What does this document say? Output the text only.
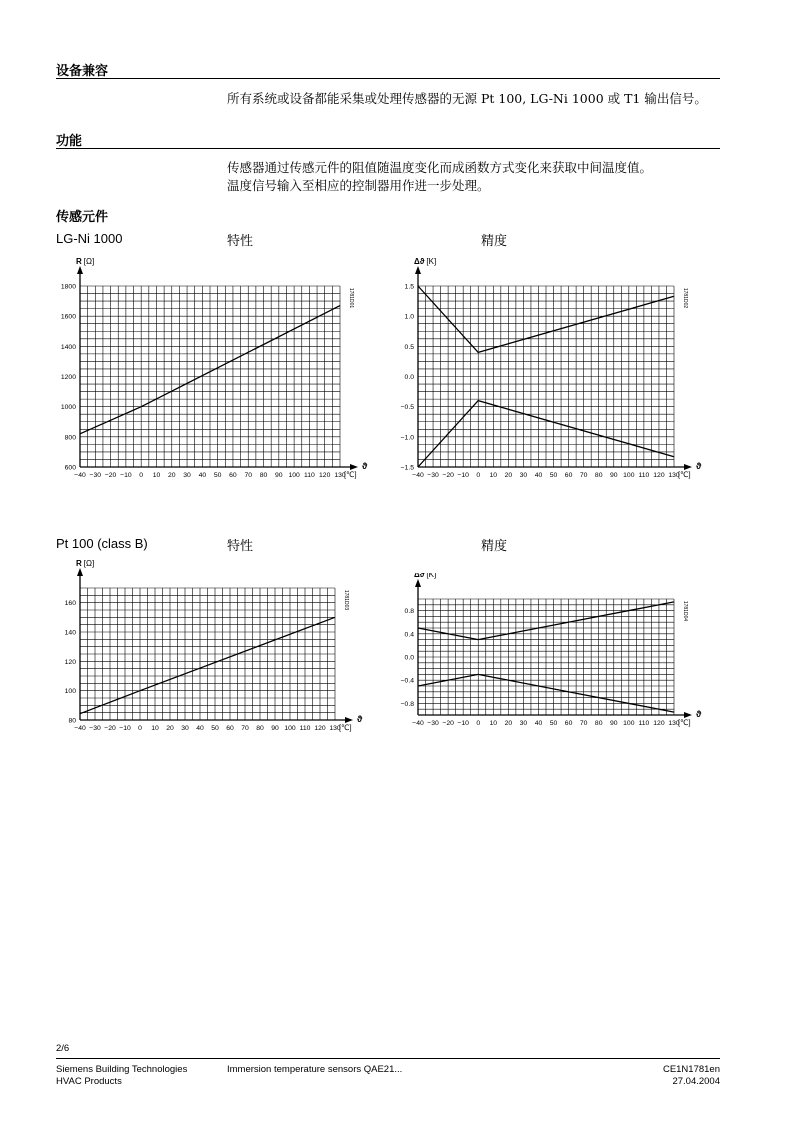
设备兼容
所有系统或设备都能采集或处理传感器的无源 Pt 100, LG-Ni 1000 或 T1 输出信号。
功能
传感器通过传感元件的阻值随温度变化而成函数方式变化来获取中间温度值。
温度信号输入至相应的控制器用作进一步处理。
传感元件
LG-Ni 1000	特性	精度
−40 −30 −20 −10 0 10 20 30 40 50 60 70 80 90 100 110 120 130
600
800
1000
1200
1400
1600
1800
R [Ω]
ϑ
[℃]
1781D01
−40 −30 −20 −10 0 10 20 30 40 50 60 70 80 90 100 110 120 130
−1.5
−1.0
−0.5
0.0
0.5
1.0
1.5
Δϑ [K]
ϑ
[℃]
1781D02
Pt 100 (class B)	特性	精度
−40 −30 −20 −10 0 10 20 30 40 50 60 70 80 90 100 110 120 130
80
100
120
140
160
R [Ω]
ϑ
[℃]
1781D03
−40 −30 −20 −10 0 10 20 30 40 50 60 70 80 90 100 110 120 130
−0.8
−0.4
0.0
0.4
0.8
Δϑ [K]
ϑ
[℃]
1781D04
2/6
Siemens Building Technologies
HVAC Products
Immersion temperature sensors QAE21...	CE1N1781en
27.04.2004
